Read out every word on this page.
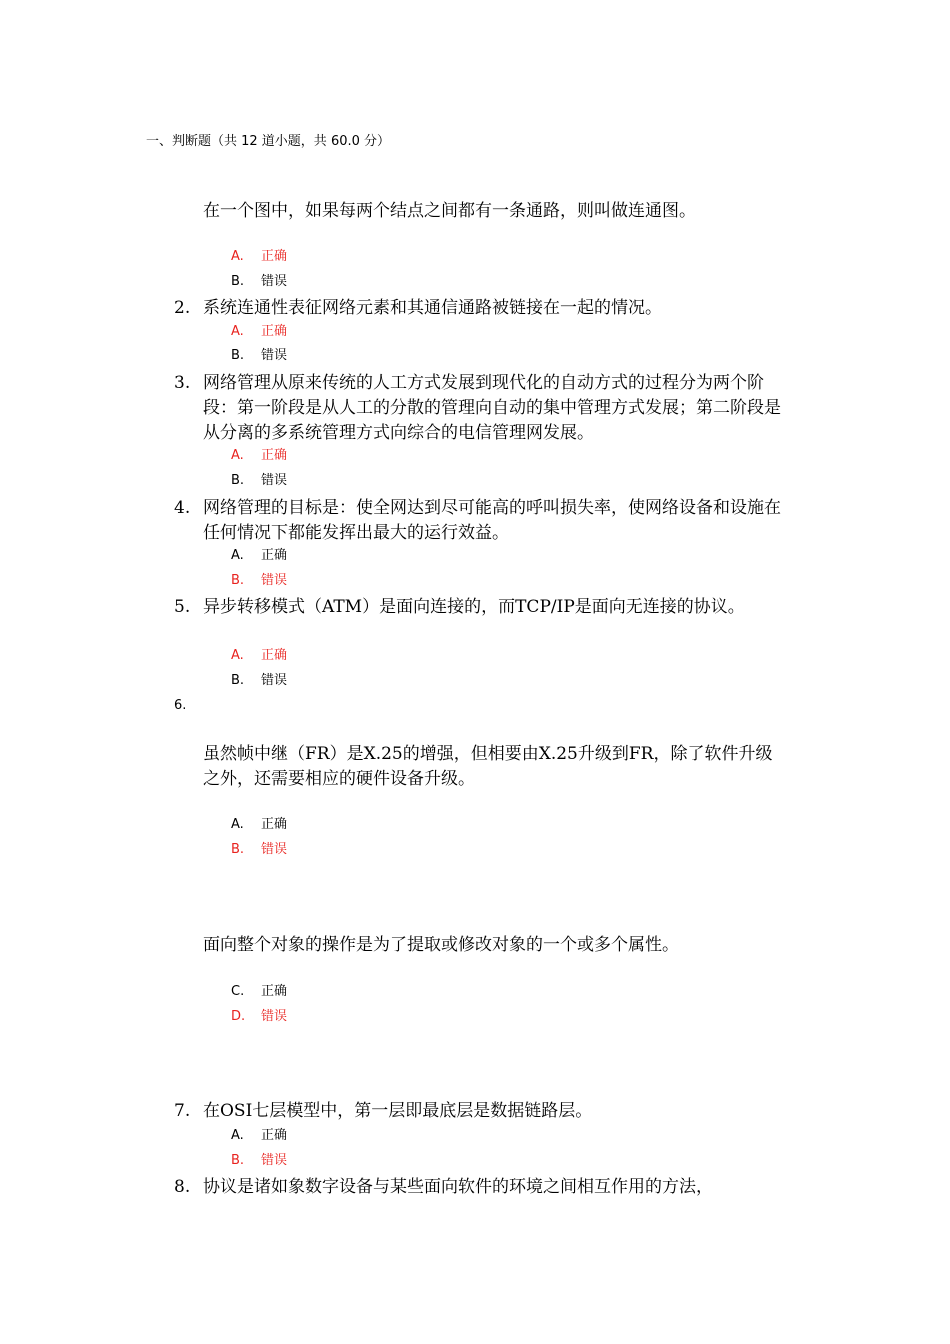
一、判断题（共 12 道小题，共 60.0 分）
在一个图中，如果每两个结点之间都有一条通路，则叫做连通图。
A. 正确
B. 错误
2. 系统连通性表征网络元素和其通信通路被链接在一起的情况。
A. 正确
B. 错误
3. 网络管理从原来传统的人工方式发展到现代化的自动方式的过程分为两个阶段：第一阶段是从人工的分散的管理向自动的集中管理方式发展；第二阶段是从分离的多系统管理方式向综合的电信管理网发展。
A. 正确
B. 错误
4. 网络管理的目标是：使全网达到尽可能高的呼叫损失率，使网络设备和设施在任何情况下都能发挥出最大的运行效益。
A. 正确
B. 错误
5. 异步转移模式（ATM）是面向连接的，而TCP/IP是面向无连接的协议。
A. 正确
B. 错误
6.
虽然帧中继（FR）是X.25的增强，但相要由X.25升级到FR，除了软件升级之外，还需要相应的硬件设备升级。
A. 正确
B. 错误
面向整个对象的操作是为了提取或修改对象的一个或多个属性。
C. 正确
D. 错误
7. 在OSI七层模型中，第一层即最底层是数据链路层。
A. 正确
B. 错误
8. 协议是诸如象数字设备与某些面向软件的环境之间相互作用的方法，
